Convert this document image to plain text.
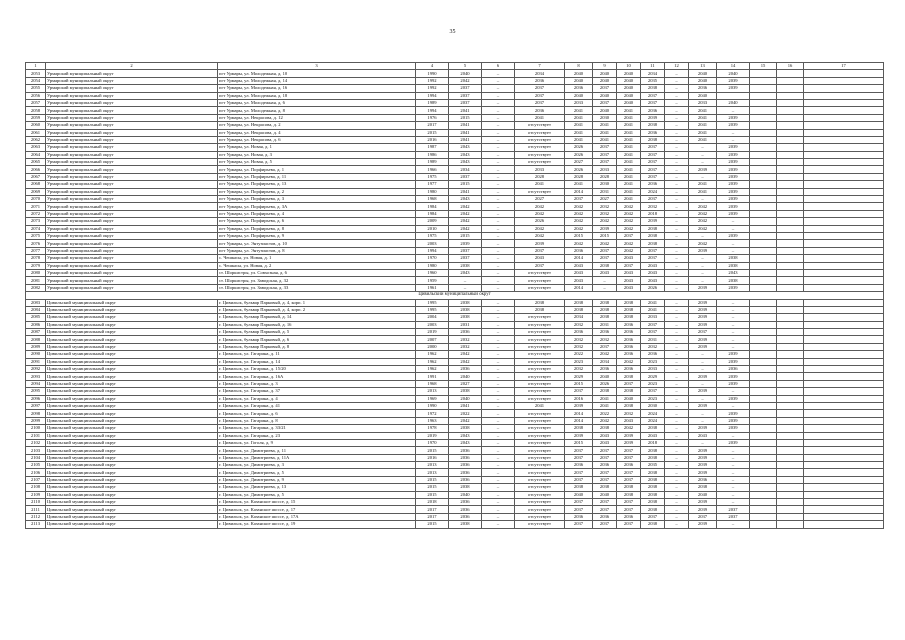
35
1	2	3	4	5	6	7	8	9	10	11	12	13	14	15	16	17
2053	Урмарский муниципальный округ	пгт Урмары, ул. Молодежная, д. 10	1990	2040	–	2034	2040	2040	2040	2034	–	2040	2040			
2054	Урмарский муниципальный округ	пгт Урмары, ул. Молодежная, д. 14	1992	2042	–	2036	2040	2040	2040	2035	–	2040	2039			
2055	Урмарский муниципальный округ	пгт Урмары, ул. Молодежная, д. 16	1992	2037	–	2037	2036	2037	2040	2038	–	2036	2039			
2056	Урмарский муниципальный округ	пгт Урмары, ул. Молодежная, д. 18	1994	2037	–	2037	2040	2040	2040	2037	–	2040				
2057	Урмарский муниципальный округ	пгт Урмары, ул. Молодежная, д. 6	1989	2037	–	2037	2033	2037	2040	2037	–	2033	2040			
2058	Урмарский муниципальный округ	пгт Урмары, ул. Молодежная, д. 8	1994	2041	–	2036	2041	2040	2041	2036	–	2041	–			
2059	Урмарский муниципальный округ	пгт Урмары, ул. Некрасова, д. 12	1976	2015	–	2041	2041	2030	2041	2039	–	2041	2039			
2060	Урмарский муниципальный округ	пгт Урмары, ул. Некрасова, д. 2	2017	2041	–	отсутствует	2041	2041	2041	2038	–	2041	2039			
2061	Урмарский муниципальный округ	пгт Урмары, ул. Некрасова, д. 4	2015	2041	–	отсутствует	2041	2041	2041	2036	–	2041	–			
2062	Урмарский муниципальный округ	пгт Урмары, ул. Некрасова, д. 6	2016	2041	–	отсутствует	2041	2041	2041	2038	–	2041	–			
2063	Урмарский муниципальный округ	пгт Урмары, ул. Новая, д. 1	1987	2043	–	отсутствует	2026	2037	2041	2037	–	–	2039			
2064	Урмарский муниципальный округ	пгт Урмары, ул. Новая, д. 3	1986	2043	–	отсутствует	2026	2037	2041	2037	–	–	2039			
2065	Урмарский муниципальный округ	пгт Урмары, ул. Новая, д. 5	1989	2043	–	отсутствует	2027	2037	2041	2037	–	–	2039			
2066	Урмарский муниципальный округ	пгт Урмары, ул. Порфирьева, д. 1	1966	2034	–	2033	2026	2033	2041	2037	–	2039	2039			
2067	Урмарский муниципальный округ	пгт Урмары, ул. Порфирьева, д. 11	1975	2037	–	2028	2028	2028	2041	2037	–	–	2039			
2068	Урмарский муниципальный округ	пгт Урмары, ул. Порфирьева, д. 13	1977	2015	–	2041	2041	2030	2041	2036	–	2041	2039			
2069	Урмарский муниципальный округ	пгт Урмары, ул. Порфирьева, д. 2	1980	2041	–	отсутствует	2014	2031	2041	2024	–	2041	2039			
2070	Урмарский муниципальный округ	пгт Урмары, ул. Порфирьева, д. 3	1968	2043	–	2027	2037	2027	2041	2037	–	–	2039			
2071	Урмарский муниципальный округ	пгт Урмары, ул. Порфирьева, д. 3А	1984	2042	–	2042	2042	2032	2042	2032	–	2042	2039			
2072	Урмарский муниципальный округ	пгт Урмары, ул. Порфирьева, д. 4	1984	2042	–	2042	2042	2032	2042	2018	–	2042	2039			
2073	Урмарский муниципальный округ	пгт Урмары, ул. Порфирьева, д. 6	2009	2042	–	2026	2042	2042	2042	2039	–	2042	–			
2074	Урмарский муниципальный округ	пгт Урмары, ул. Порфирьева, д. 8	2010	2042	–	2042	2042	2039	2042	2038	–	2042	–			
2075	Урмарский муниципальный округ	пгт Урмары, ул. Порфирьева, д. 9	1975	2015	–	2042	2015	2015	2037	2038	–	–	2039			
2076	Урмарский муниципальный округ	пгт Урмары, ул. Энтузиастов, д. 10	2003	2039	–	2039	2042	2042	2042	2038	–	2042	–			
2077	Урмарский муниципальный округ	пгт Урмары, ул. Энтузиастов, д. 8	1994	2037	–	2037	2036	2037	2042	2037	–	2039	–			
2078	Урмарский муниципальный округ	с. Чешкасы, ул. Новая, д. 1	1970	2037	–	2043	2014	2037	2043	2037	–	–	2038			
2079	Урмарский муниципальный округ	с. Чешкасы, ул. Новая, д. 2	1980	2038	–	2037	2043	2038	2037	2043	–	–	2038			
2080	Урмарский муниципальный округ	ст. Шоркистры, ул. Совхозная, д. 6	1960	2043	–	отсутствует	2043	2043	2043	2043	–	–	2043			
2081	Урмарский муниципальный округ	ст. Шоркистры, ул. Заводская, д. 32	1959	–	–	отсутствует	2043	–	2043	2043	–	–	2038			
2082	Урмарский муниципальный округ	ст. Шоркистры, ул. Заводская, д. 33	1961	–	–	отсутствует	2014	–	2043	2026	–	2039	2039			
Цивильский муниципальный округ																
2083	Цивильский муниципальный округ	г. Цивильск, бульвар Парковый, д. 4, корп. 1	1995	2038	–	2038	2038	2038	2038	2041	–	2039	–			
2084	Цивильский муниципальный округ	г. Цивильск, бульвар Парковый, д. 4, корп. 2	1995	2038	–	2038	2038	2038	2038	2041	–	2039	–			
2085	Цивильский муниципальный округ	г. Цивильск, бульвар Парковый, д. 14	2004	2038	–	отсутствует	2034	2038	2038	2033	–	2039	–			
2086	Цивильский муниципальный округ	г. Цивильск, бульвар Парковый, д. 16	2003	2031	–	отсутствует	2032	2031	2036	2037	–	2039	–			
2087	Цивильский муниципальный округ	г. Цивильск, бульвар Парковый, д. 5	2019	2036	–	отсутствует	2036	2036	2036	2037	–	2037	–			
2088	Цивильский муниципальный округ	г. Цивильск, бульвар Парковый, д. 6	2007	2032	–	отсутствует	2032	2032	2036	2031	–	2039	–			
2089	Цивильский муниципальный округ	г. Цивильск, бульвар Парковый, д. 8	2000	2032	–	отсутствует	2032	2037	2036	2032	–	2039	–			
2090	Цивильский муниципальный округ	г. Цивильск, ул. Гагарина, д. 11	1962	2042	–	отсутствует	2022	2042	2036	2036	–	–	2039			
2091	Цивильский муниципальный округ	г. Цивильск, ул. Гагарина, д. 14	1962	2042	–	отсутствует	2023	2034	2042	2023	–	–	2039			
2092	Цивильский муниципальный округ	г. Цивильск, ул. Гагарина, д. 15/20	1962	2036	–	отсутствует	2032	2036	2036	2033	–	–	2036			
2093	Цивильский муниципальный округ	г. Цивильск, ул. Гагарина, д. 16А	1991	2040	–	отсутствует	2029	2040	2038	2029	–	2039	2039			
2094	Цивильский муниципальный округ	г. Цивильск, ул. Гагарина, д. 3	1968	2027	–	отсутствует	2015	2026	2037	2023	–	–	2039			
2095	Цивильский муниципальный округ	г. Цивильск, ул. Гагарина, д. 37	2013	2038	–	отсутствует	2037	2038	2038	2037	–	2039	–			
2096	Цивильский муниципальный округ	г. Цивильск, ул. Гагарина, д. 4	1969	2040	–	отсутствует	2016	2041	2040	2023	–	–	2039			
2097	Цивильский муниципальный округ	г. Цивильск, ул. Гагарина, д. 41	1990	2041	–	2041	2039	2041	2038	2030	–	2039	–			
2098	Цивильский муниципальный округ	г. Цивильск, ул. Гагарина, д. 6	1972	2022	–	отсутствует	2014	2022	2032	2024	–	–	2039			
2099	Цивильский муниципальный округ	г. Цивильск, ул. Гагарина, д. 8	1963	2042	–	отсутствует	2014	2042	2043	2024	–	–	2039			
2100	Цивильский муниципальный округ	г. Цивильск, ул. Гагарина, д. 33/21	1978	2038	–	отсутствует	2038	2038	2042	2038	–	2039	2039			
2101	Цивильский муниципальный округ	г. Цивильск, ул. Гагарина, д. 23	2019	2043	–	отсутствует	2039	2043	2039	2043	–	2043	–			
2102	Цивильский муниципальный округ	г. Цивильск, ул. Гоголя, д. 9	1970	2043	–	отсутствует	2015	2043	2039	2018	–	–	2039			
2103	Цивильский муниципальный округ	г. Цивильск, ул. Димитриева, д. 11	2015	2036	–	отсутствует	2037	2037	2037	2038	–	2039	–			
2104	Цивильский муниципальный округ	г. Цивильск, ул. Димитриева, д. 11А	2016	2036	–	отсутствует	2037	2037	2037	2038	–	2039	–			
2105	Цивильский муниципальный округ	г. Цивильск, ул. Димитриева, д. 3	2013	2036	–	отсутствует	2036	2036	2036	2035	–	2039	–			
2106	Цивильский муниципальный округ	г. Цивильск, ул. Димитриева, д. 5	2013	2036	–	отсутствует	2037	2037	2037	2038	–	2039	–			
2107	Цивильский муниципальный округ	г. Цивильск, ул. Димитриева, д. 9	2015	2036	–	отсутствует	2037	2037	2037	2038	–	2036	–			
2108	Цивильский муниципальный округ	г. Цивильск, ул. Димитриева, д. 13	2015	2038	–	отсутствует	2038	2038	2038	2038	–	2038	–			
2109	Цивильский муниципальный округ	г. Цивильск, ул. Димитриева, д. 5	2015	2040	–	отсутствует	2040	2040	2038	2038	–	2040	–			
2110	Цивильский муниципальный округ	г. Цивильск, ул. Казанское шоссе, д. 15	2018	2036	–	отсутствует	2037	2037	2037	2038	–	2039	–			
2111	Цивильский муниципальный округ	г. Цивильск, ул. Казанское шоссе, д. 17	2017	2036	–	отсутствует	2037	2037	2037	2038	–	2039	2037			
2112	Цивильский муниципальный округ	г. Цивильск, ул. Казанское шоссе, д. 17А	2017	2036	–	отсутствует	2036	2036	2036	2037	–	2037	2037			
2113	Цивильский муниципальный округ	г. Цивильск, ул. Казанское шоссе, д. 19	2015	2038	–	отсутствует	2037	2037	2037	2038	–	2039	–			
